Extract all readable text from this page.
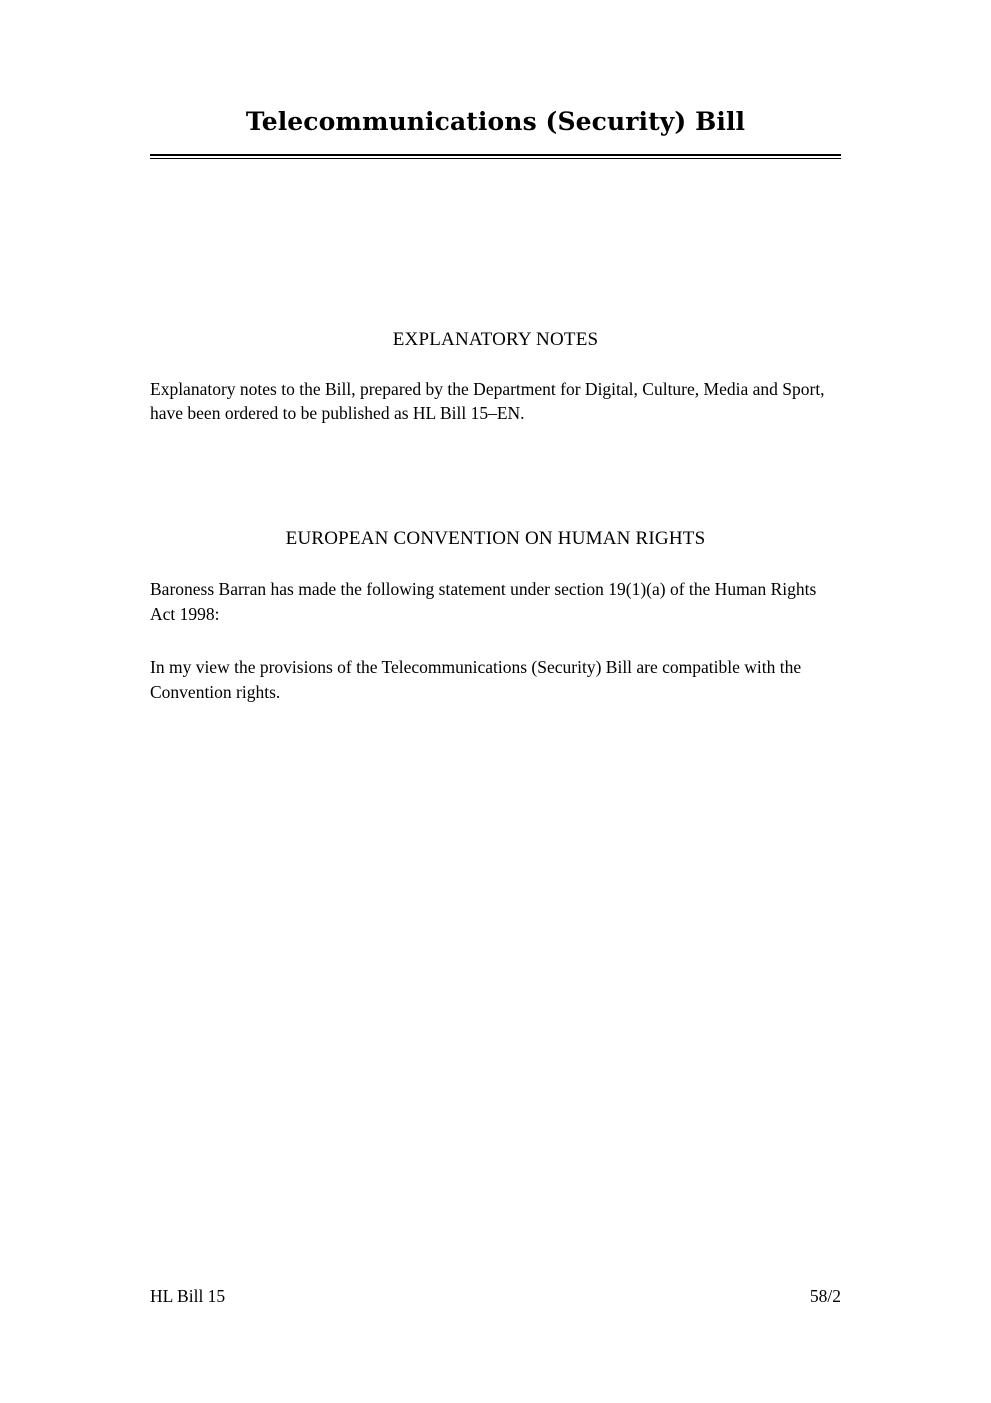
Telecommunications (Security) Bill
EXPLANATORY NOTES

Explanatory notes to the Bill, prepared by the Department for Digital, Culture, Media and Sport, have been ordered to be published as HL Bill 15–EN.

EUROPEAN CONVENTION ON HUMAN RIGHTS

Baroness Barran has made the following statement under section 19(1)(a) of the Human Rights Act 1998:

In my view the provisions of the Telecommunications (Security) Bill are compatible with the Convention rights.

HL Bill 15	58/2
